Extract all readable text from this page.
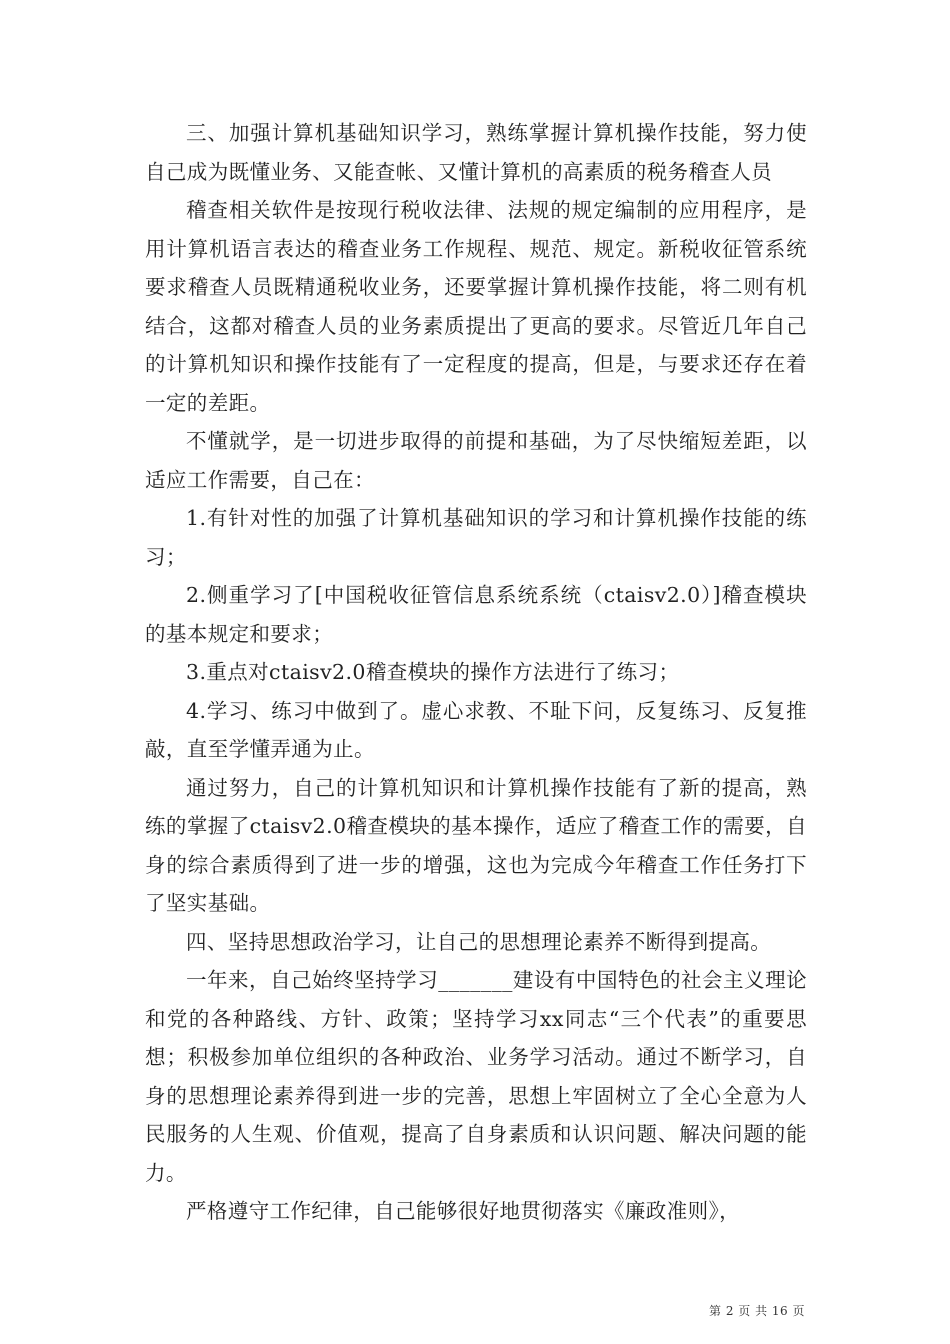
三、加强计算机基础知识学习，熟练掌握计算机操作技能，努力使自己成为既懂业务、又能查帐、又懂计算机的高素质的税务稽查人员

稽查相关软件是按现行税收法律、法规的规定编制的应用程序，是用计算机语言表达的稽查业务工作规程、规范、规定。新税收征管系统要求稽查人员既精通税收业务，还要掌握计算机操作技能，将二则有机结合，这都对稽查人员的业务素质提出了更高的要求。尽管近几年自己的计算机知识和操作技能有了一定程度的提高，但是，与要求还存在着一定的差距。

不懂就学，是一切进步取得的前提和基础，为了尽快缩短差距，以适应工作需要，自己在：

1.有针对性的加强了计算机基础知识的学习和计算机操作技能的练习；

2.侧重学习了[中国税收征管信息系统系统（ctaisv2.0）]稽查模块的基本规定和要求；

3.重点对ctaisv2.0稽查模块的操作方法进行了练习；

4.学习、练习中做到了。虚心求教、不耻下问，反复练习、反复推敲，直至学懂弄通为止。

通过努力，自己的计算机知识和计算机操作技能有了新的提高，熟练的掌握了ctaisv2.0稽查模块的基本操作，适应了稽查工作的需要，自身的综合素质得到了进一步的增强，这也为完成今年稽查工作任务打下了坚实基础。

四、坚持思想政治学习，让自己的思想理论素养不断得到提高。

一年来，自己始终坚持学习_______建设有中国特色的社会主义理论和党的各种路线、方针、政策；坚持学习xx同志“三个代表”的重要思想；积极参加单位组织的各种政治、业务学习活动。通过不断学习，自身的思想理论素养得到进一步的完善，思想上牢固树立了全心全意为人民服务的人生观、价值观，提高了自身素质和认识问题、解决问题的能力。

严格遵守工作纪律，自己能够很好地贯彻落实《廉政准则》，

第 2 页 共 16 页
